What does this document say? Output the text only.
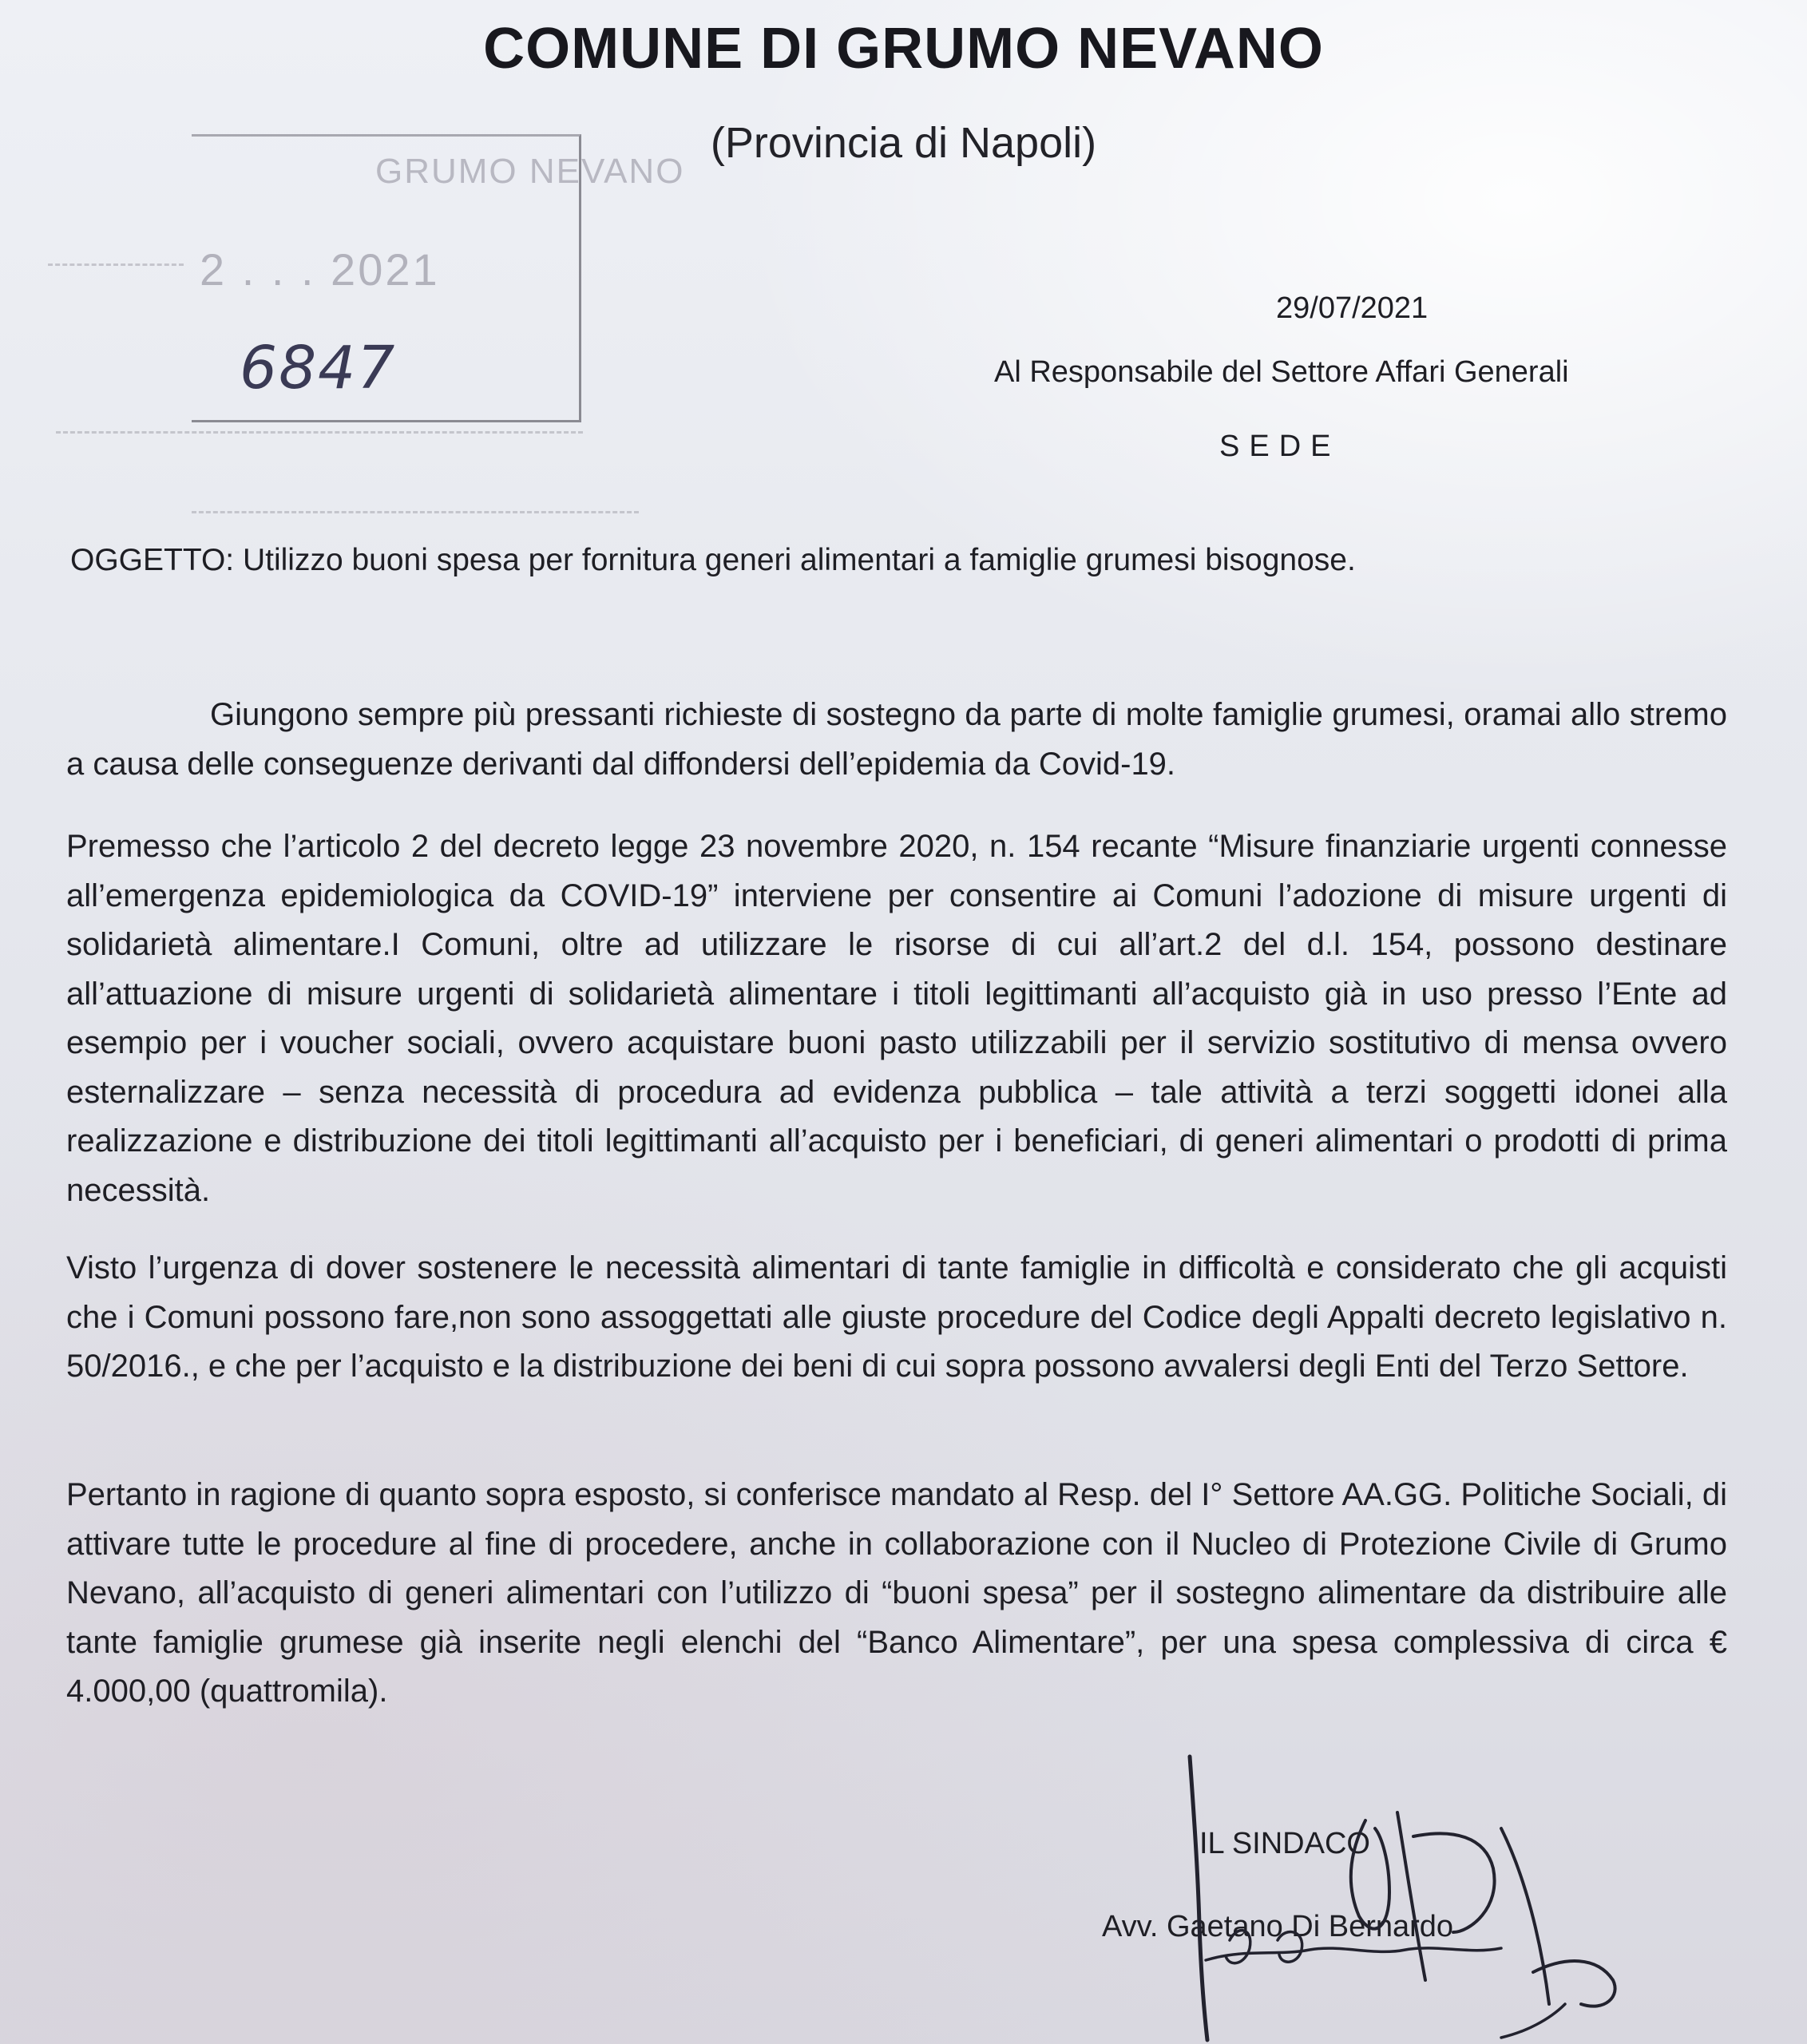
COMUNE DI GRUMO NEVANO
(Provincia di Napoli)
GRUMO NEVANO
2 . . . 2021
6847
29/07/2021
Al Responsabile del Settore Affari Generali
SEDE
OGGETTO: Utilizzo buoni spesa per fornitura generi alimentari a famiglie grumesi bisognose.

Giungono sempre più pressanti richieste di sostegno da parte di molte famiglie grumesi, oramai allo stremo a causa delle conseguenze derivanti dal diffondersi dell’epidemia da Covid-19.

Premesso che l’articolo 2 del decreto legge 23 novembre 2020, n. 154 recante “Misure finanziarie urgenti connesse all’emergenza epidemiologica da COVID-19” interviene per consentire ai Comuni l’adozione di misure urgenti di solidarietà alimentare.I Comuni, oltre ad utilizzare le risorse di cui all’art.2 del d.l. 154, possono destinare all’attuazione di misure urgenti di solidarietà alimentare i titoli legittimanti all’acquisto già in uso presso l’Ente ad esempio per i voucher sociali, ovvero acquistare buoni pasto utilizzabili per il servizio sostitutivo di mensa ovvero esternalizzare – senza necessità di procedura ad evidenza pubblica – tale attività a terzi soggetti idonei alla realizzazione e distribuzione dei titoli legittimanti all’acquisto per i beneficiari, di generi alimentari o prodotti di prima necessità.

Visto l’urgenza di dover sostenere le necessità alimentari di tante famiglie in difficoltà e considerato che gli acquisti che i Comuni possono fare,non sono assoggettati alle giuste procedure del Codice degli Appalti decreto legislativo n. 50/2016., e che per l’acquisto e la distribuzione dei beni di cui sopra possono avvalersi degli Enti del Terzo Settore.

Pertanto in ragione di quanto sopra esposto, si conferisce mandato al Resp. del I° Settore AA.GG. Politiche Sociali, di attivare tutte le procedure al fine di procedere, anche in collaborazione con il Nucleo di Protezione Civile di Grumo Nevano, all’acquisto di generi alimentari con l’utilizzo di “buoni spesa” per il sostegno alimentare da distribuire alle tante famiglie grumese già inserite negli elenchi del “Banco Alimentare”, per una spesa complessiva di circa € 4.000,00 (quattromila).

IL SINDACO
Avv. Gaetano Di Bernardo
